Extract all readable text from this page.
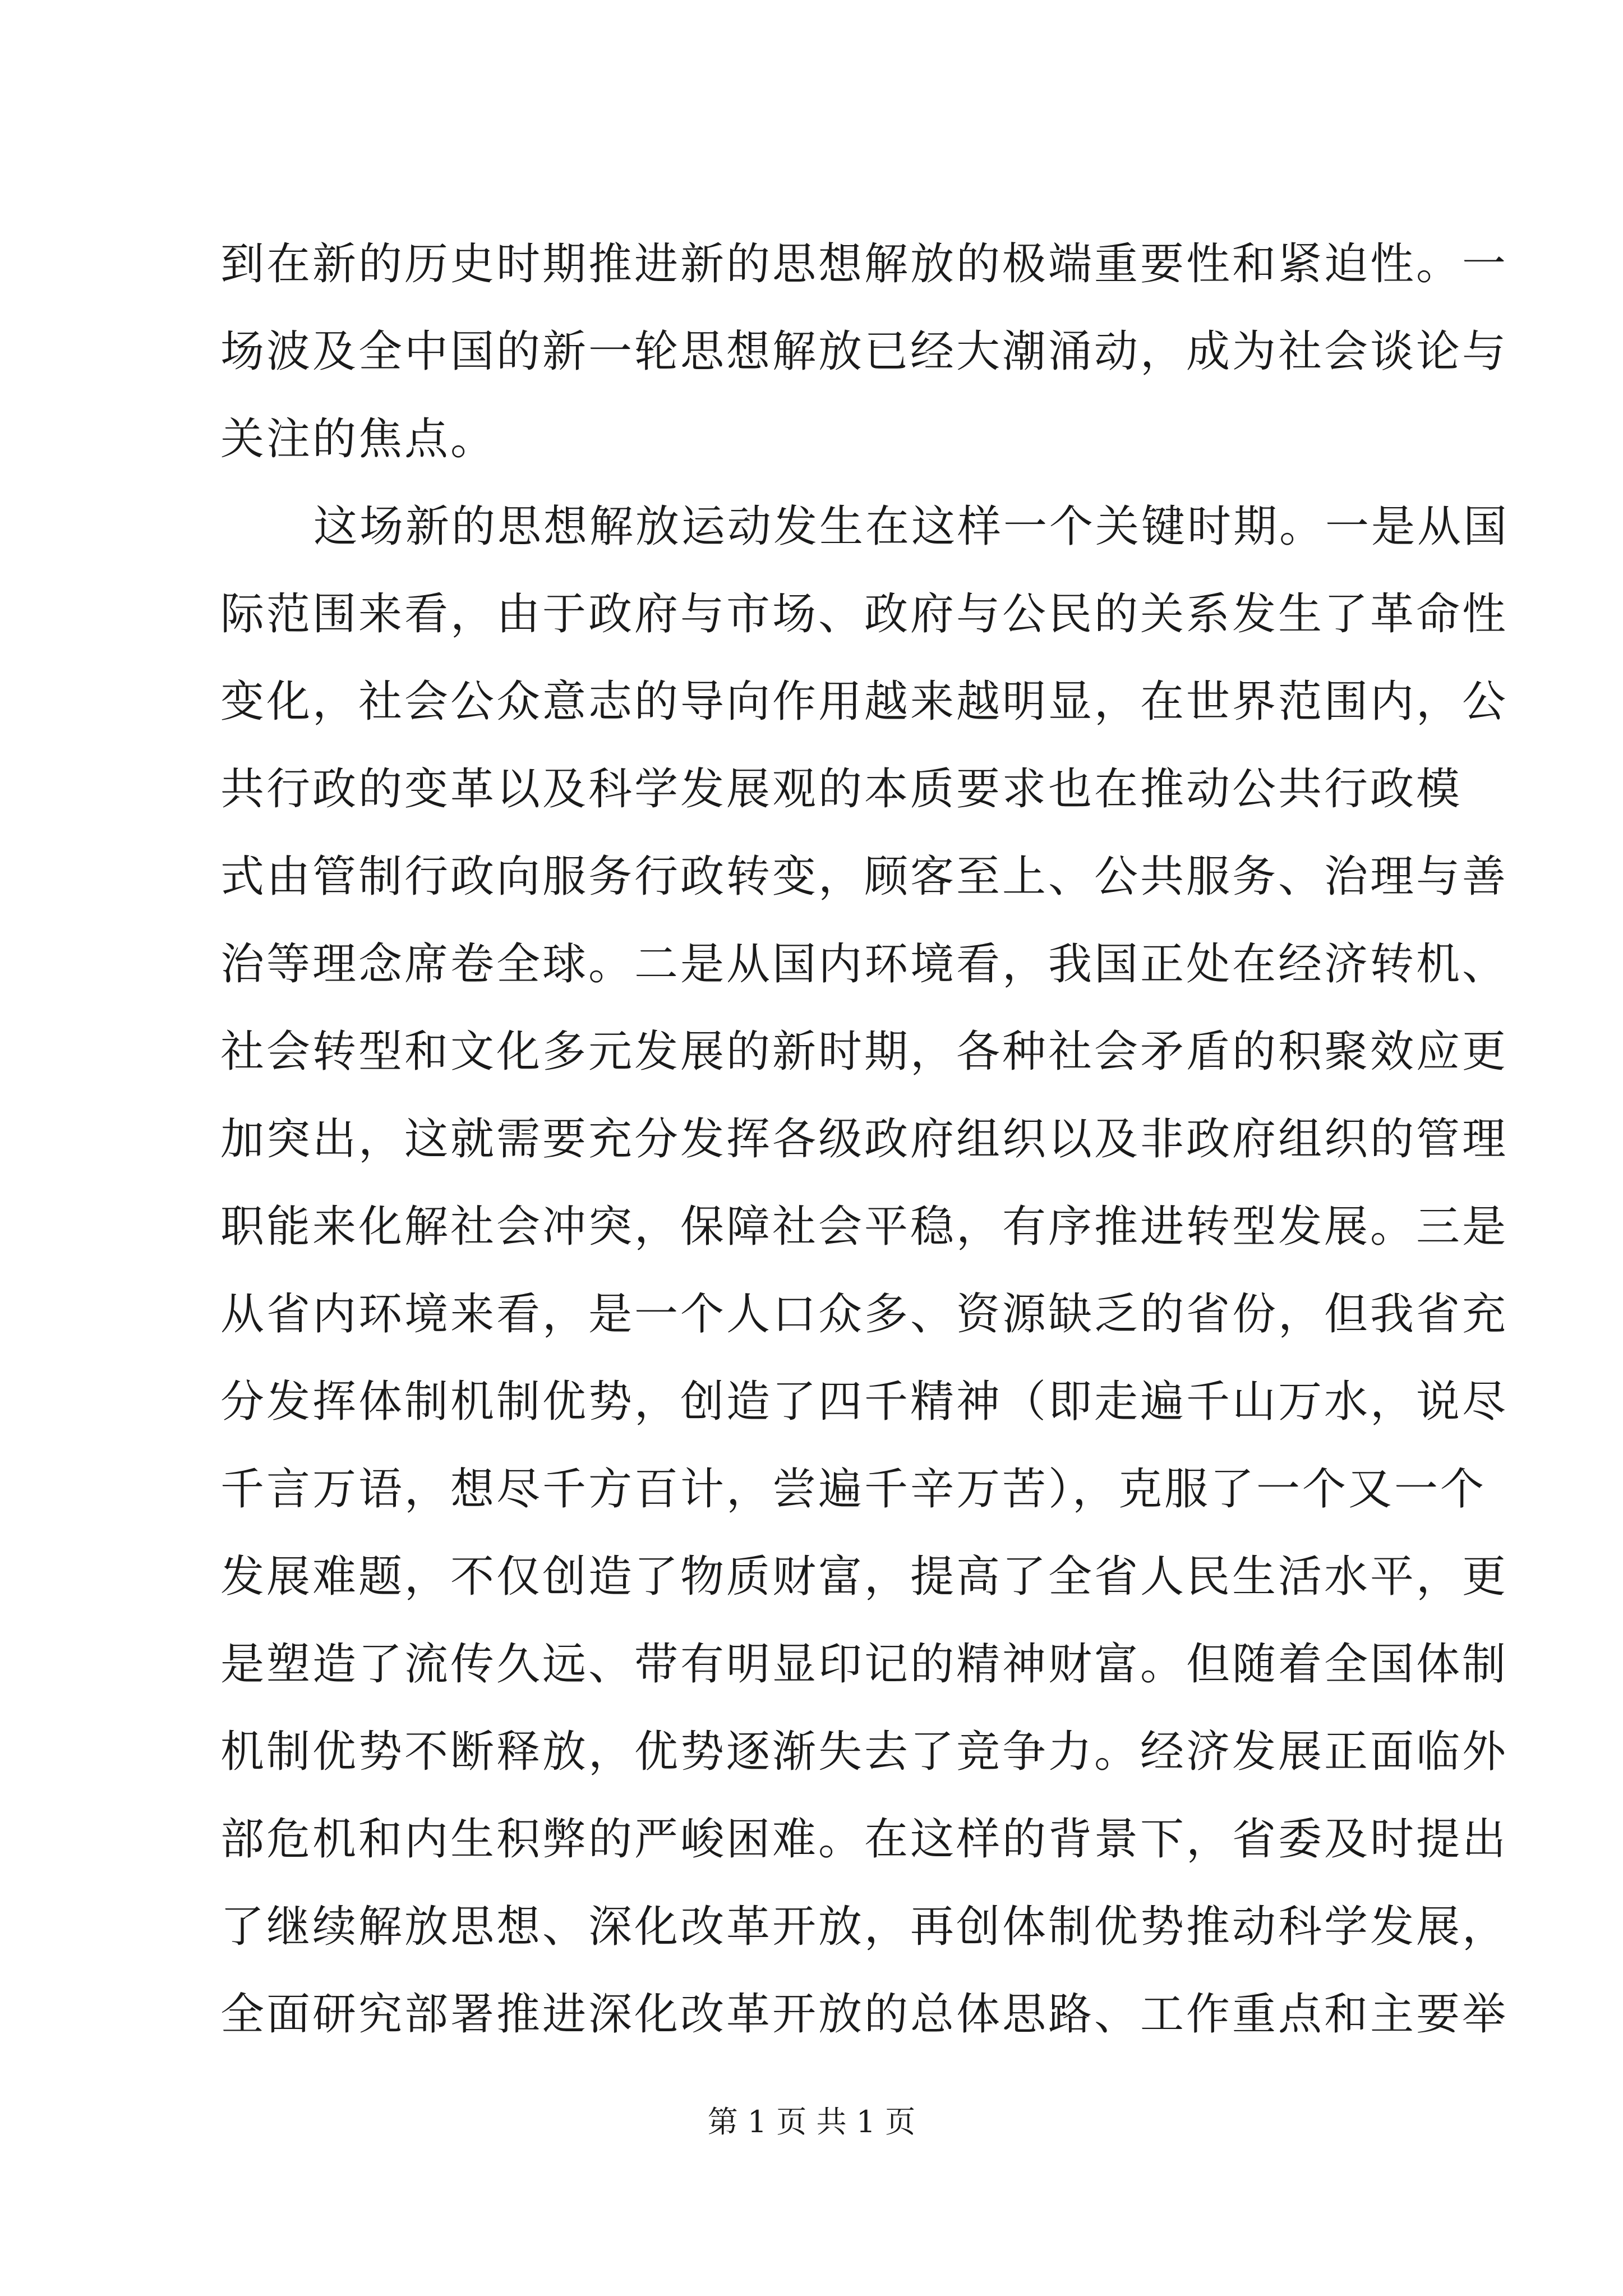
到在新的历史时期推进新的思想解放的极端重要性和紧迫性。一
场波及全中国的新一轮思想解放已经大潮涌动，成为社会谈论与
关注的焦点。
这场新的思想解放运动发生在这样一个关键时期。一是从国
际范围来看，由于政府与市场、政府与公民的关系发生了革命性
变化，社会公众意志的导向作用越来越明显，在世界范围内，公
共行政的变革以及科学发展观的本质要求也在推动公共行政模
式由管制行政向服务行政转变，顾客至上、公共服务、治理与善
治等理念席卷全球。二是从国内环境看，我国正处在经济转机、
社会转型和文化多元发展的新时期，各种社会矛盾的积聚效应更
加突出，这就需要充分发挥各级政府组织以及非政府组织的管理
职能来化解社会冲突，保障社会平稳，有序推进转型发展。三是
从省内环境来看，是一个人口众多、资源缺乏的省份，但我省充
分发挥体制机制优势，创造了四千精神（即走遍千山万水，说尽
千言万语，想尽千方百计，尝遍千辛万苦），克服了一个又一个
发展难题，不仅创造了物质财富，提高了全省人民生活水平，更
是塑造了流传久远、带有明显印记的精神财富。但随着全国体制
机制优势不断释放，优势逐渐失去了竞争力。经济发展正面临外
部危机和内生积弊的严峻困难。在这样的背景下，省委及时提出
了继续解放思想、深化改革开放，再创体制优势推动科学发展，
全面研究部署推进深化改革开放的总体思路、工作重点和主要举
第 1 页 共 1 页
